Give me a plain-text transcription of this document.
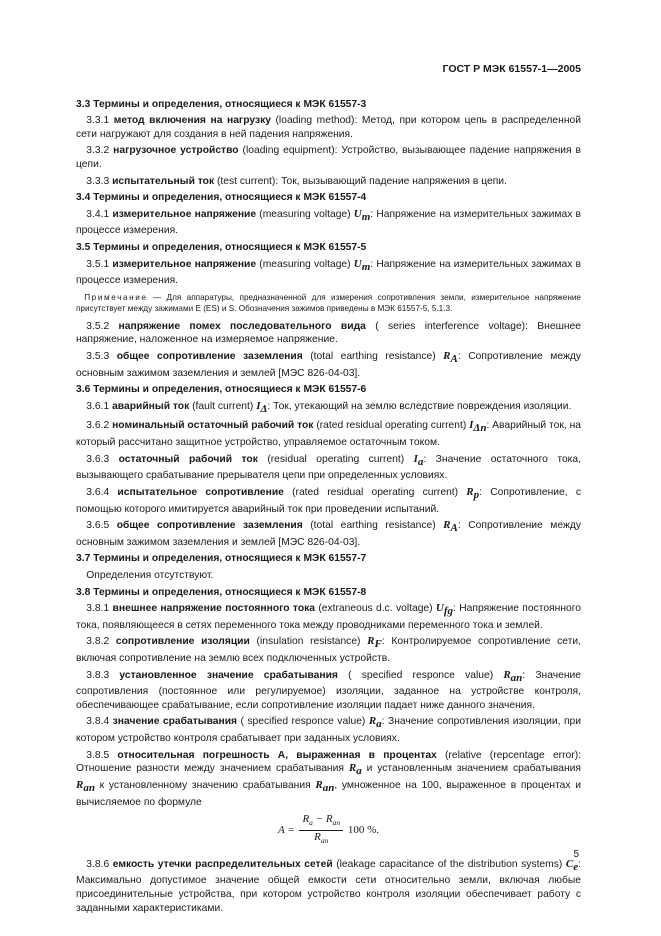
ГОСТ Р МЭК 61557-1—2005
3.3 Термины и определения, относящиеся к МЭК 61557-3
 3.3.1 метод включения на нагрузку (loading method): Метод, при котором цепь в распределенной сети нагружают для создания в ней падения напряжения.
 3.3.2 нагрузочное устройство (loading equipment): Устройство, вызывающее падение напряжения в цепи.
 3.3.3 испытательный ток (test current): Ток, вызывающий падение напряжения в цепи.
3.4 Термины и определения, относящиеся к МЭК 61557-4
 3.4.1 измерительное напряжение (measuring voltage) $U_m$: Напряжение на измерительных зажимах в процессе измерения.
3.5 Термины и определения, относящиеся к МЭК 61557-5
 3.5.1 измерительное напряжение (measuring voltage) $U_m$: Напряжение на измерительных зажимах в процессе измерения.
 Примечание — Для аппаратуры, предназначенной для измерения сопротивления земли, измерительное напряжение присутствует между зажимами E (ES) и S. Обозначения зажимов приведены в МЭК 61557-5, 5.1.3.
 3.5.2 напряжение помех последовательного вида ( series interference voltage): Внешнее напряжение, наложенное на измеряемое напряжение.
 3.5.3 общее сопротивление заземления (total earthing resistance) $R_A$: Сопротивление между основным зажимом заземления и землей [МЭС 826-04-03].
3.6 Термины и определения, относящиеся к МЭК 61557-6
 3.6.1 аварийный ток (fault current) $I_\Delta$: Ток, утекающий на землю вследствие повреждения изоляции.
 3.6.2 номинальный остаточный рабочий ток (rated residual operating current) $I_{\Delta n}$: Аварийный ток, на который рассчитано защитное устройство, управляемое остаточным током.
 3.6.3 остаточный рабочий ток (residual operating current) $I_a$: Значение остаточного тока, вызывающего срабатывание прерывателя цепи при определенных условиях.
 3.6.4 испытательное сопротивление (rated residual operating current) $R_p$: Сопротивление, с помощью которого имитируется аварийный ток при проведении испытаний.
 3.6.5 общее сопротивление заземления (total earthing resistance) $R_A$: Сопротивление между основным зажимом заземления и землей [МЭС 826-04-03].
3.7 Термины и определения, относящиеся к МЭК 61557-7
 Определения отсутствуют.
3.8 Термины и определения, относящиеся к МЭК 61557-8
 3.8.1 внешнее напряжение постоянного тока (extraneous d.c. voltage) $U_{fg}$: Напряжение постоянного тока, появляющееся в сетях переменного тока между проводниками переменного тока и землей.
 3.8.2 сопротивление изоляции (insulation resistance) $R_F$: Контролируемое сопротивление сети, включая сопротивление на землю всех подключенных устройств.
 3.8.3 установленное значение срабатывания ( specified responce value) $R_{an}$: Значение сопротивления (постоянное или регулируемое) изоляции, заданное на устройстве контроля, обеспечивающее срабатывание, если сопротивление изоляции падает ниже данного значения.
 3.8.4 значение срабатывания ( specified responce value) $R_a$: Значение сопротивления изоляции, при котором устройство контроля срабатывает при заданных условиях.
 3.8.5 относительная погрешность A, выраженная в процентах (relative (repcentage error): Отношение разности между значением срабатывания $R_a$ и установленным значением срабатывания $R_{an}$ к установленному значению срабатывания $R_{an}$, умноженное на 100, выраженное в процентах и вычисляемое по формуле
$A = \frac{R_a - R_{an}}{R_{an}} 100$ %.
 3.8.6 емкость утечки распределительных сетей (leakage capacitance of the distribution systems) $C_e$: Максимально допустимое значение общей емкости сети относительно земли, включая любые присоединительные устройства, при котором устройство контроля изоляции обеспечивает работу с заданными характеристиками.
5
